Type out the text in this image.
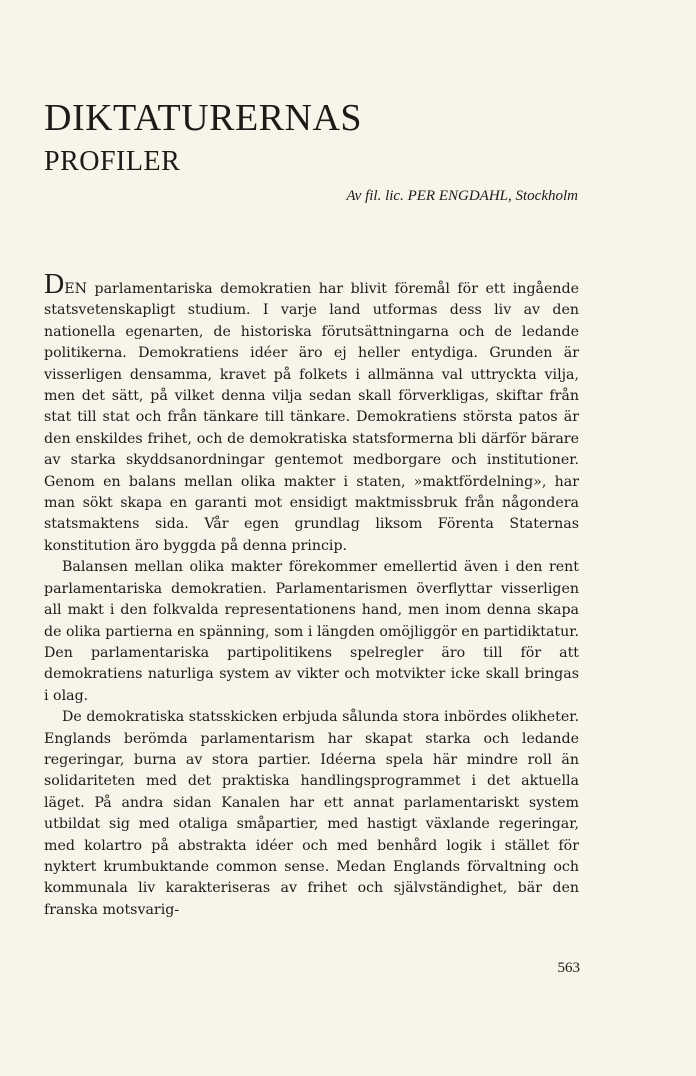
DIKTATURERNAS
PROFILER
Av fil. lic. PER ENGDAHL, Stockholm

DEN parlamentariska demokratien har blivit föremål för ett ingående statsvetenskapligt studium. I varje land utformas dess liv av den nationella egenarten, de historiska förutsättningarna och de ledande politikerna. Demokratiens idéer äro ej heller entydiga. Grunden är visserligen densamma, kravet på folkets i allmänna val uttryckta vilja, men det sätt, på vilket denna vilja sedan skall förverkligas, skiftar från stat till stat och från tänkare till tänkare. Demokratiens största patos är den enskildes frihet, och de demokratiska statsformerna bli därför bärare av starka skyddsanordningar gentemot medborgare och institutioner. Genom en balans mellan olika makter i staten, »maktfördelning», har man sökt skapa en garanti mot ensidigt maktmissbruk från någondera statsmaktens sida. Vår egen grundlag liksom Förenta Staternas konstitution äro byggda på denna princip.

Balansen mellan olika makter förekommer emellertid även i den rent parlamentariska demokratien. Parlamentarismen överflyttar visserligen all makt i den folkvalda representationens hand, men inom denna skapa de olika partierna en spänning, som i längden omöjliggör en partidiktatur. Den parlamentariska partipolitikens spelregler äro till för att demokratiens naturliga system av vikter och motvikter icke skall bringas i olag.

De demokratiska statsskicken erbjuda sålunda stora inbördes olikheter. Englands berömda parlamentarism har skapat starka och ledande regeringar, burna av stora partier. Idéerna spela här mindre roll än solidariteten med det praktiska handlingsprogrammet i det aktuella läget. På andra sidan Kanalen har ett annat parlamentariskt system utbildat sig med otaliga småpartier, med hastigt växlande regeringar, med kolartro på abstrakta idéer och med benhård logik i stället för nyktert krumbuktande common sense. Medan Englands förvaltning och kommunala liv karakteriseras av frihet och självständighet, bär den franska motsvarig-

563
